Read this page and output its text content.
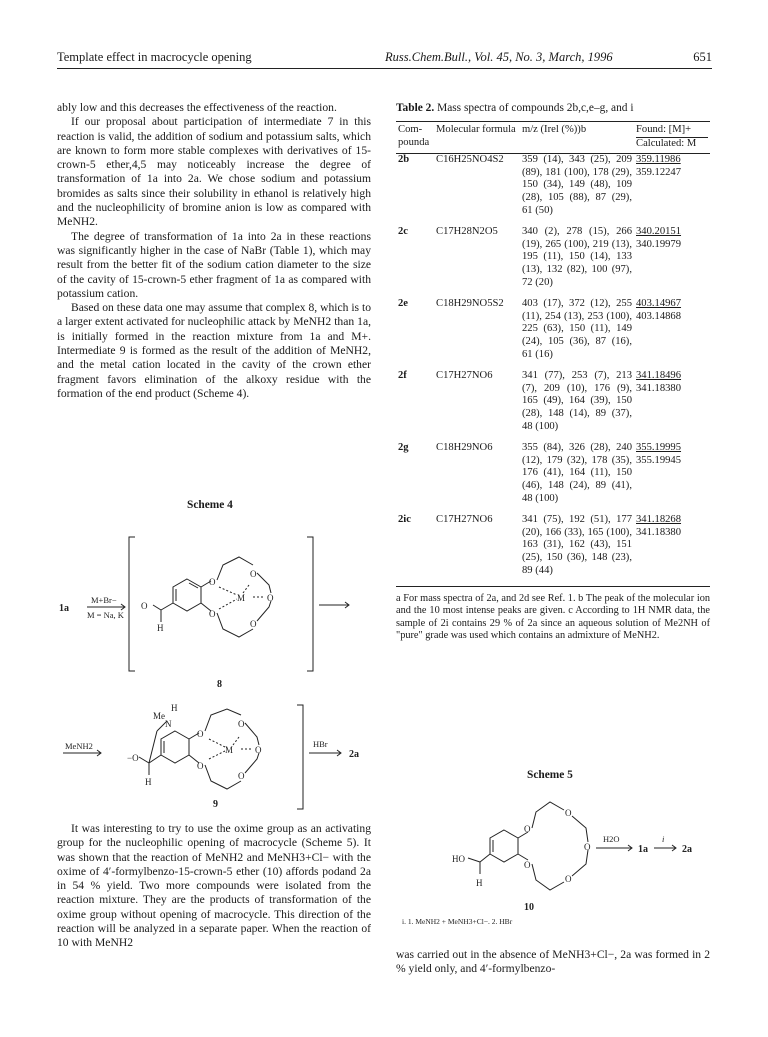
Template effect in macrocycle opening	Russ.Chem.Bull., Vol. 45, No. 3, March, 1996	651

ably low and this decreases the effectiveness of the reaction.

If our proposal about participation of intermediate 7 in this reaction is valid, the addition of sodium and potassium salts, which are known to form more stable complexes with derivatives of 15-crown-5 ether,4,5 may noticeably increase the degree of transformation of 1a into 2a. We chose sodium and potassium bromides as salts since their solubility in ethanol is relatively high and the nucleophilicity of bromine anion is low as compared with MeNH2.

The degree of transformation of 1a into 2a in these reactions was significantly higher in the case of NaBr (Table 1), which may result from the better fit of the sodium cation diameter to the size of the cavity of 15-crown-5 ether fragment of 1a as compared with potassium cation.

Based on these data one may assume that complex 8, which is to a larger extent activated for nucleophilic attack by MeNH2 than 1a, is initially formed in the reaction mixture from 1a and M+. Intermediate 9 is formed as the result of the addition of MeNH2, and the metal cation located in the cavity of the crown ether fragment favors elimination of the alkoxy residue with the formation of the end product (Scheme 4).

Scheme 4
1a
M+Br−
M = Na, K
O
H
O
O
O
M O
O
8
MeNH2
Me
H
N
−O
H
O
O
O
M O
O
HBr
2a
9

It was interesting to try to use the oxime group as an activating group for the nucleophilic opening of macrocycle (Scheme 5). It was shown that the reaction of MeNH2 and MeNH3+Cl− with the oxime of 4′-formylbenzo-15-crown-5 ether (10) affords podand 2a in 54 % yield. Two more compounds were isolated from the reaction mixture. They are the products of transformation of the oxime group without opening of macrocycle. This direction of the reaction will be analyzed in a separate paper. When the reaction of 10 with MeNH2

Table 2. Mass spectra of compounds 2b,c,e–g, and i
Com-pounda	Molecular formula	m/z (Irel (%))b	Found: [M]+
Calculated: M

2b	C16H25NO4S2	359 (14), 343 (25), 209 (89), 181 (100), 178 (29), 150 (34), 149 (48), 109 (28), 105 (88), 87 (29), 61 (50)	359.11986
359.12247

2c	C17H28N2O5	340 (2), 278 (15), 266 (19), 265 (100), 219 (13), 195 (11), 150 (14), 133 (13), 132 (82), 100 (97), 72 (20)	340.20151
340.19979

2e	C18H29NO5S2	403 (17), 372 (12), 255 (11), 254 (13), 253 (100), 225 (63), 150 (11), 149 (24), 105 (36), 87 (16), 61 (16)	403.14967
403.14868

2f	C17H27NO6	341 (77), 253 (7), 213 (7), 209 (10), 176 (9), 165 (49), 164 (39), 150 (28), 148 (14), 89 (37), 48 (100)	341.18496
341.18380

2g	C18H29NO6	355 (84), 326 (28), 240 (12), 179 (32), 178 (35), 176 (41), 164 (11), 150 (46), 148 (24), 89 (41), 48 (100)	355.19995
355.19945

2ic	C17H27NO6	341 (75), 192 (51), 177 (20), 166 (33), 165 (100), 163 (31), 162 (43), 151 (25), 150 (36), 148 (23), 89 (44)	341.18268
341.18380
a For mass spectra of 2a, and 2d see Ref. 1. b The peak of the molecular ion and the 10 most intense peaks are given. c According to 1H NMR data, the sample of 2i contains 29 % of 2a since an aqueous solution of Me2NH of "pure" grade was used which contains an admixture of MeNH2.
Scheme 5
HO
H
O
O
O
O
O
H2O
1a
i
2a
10
i. 1. MeNH2 + MeNH3+Cl−. 2. HBr

was carried out in the absence of MeNH3+Cl−, 2a was formed in 2 % yield only, and 4′-formylbenzo-
